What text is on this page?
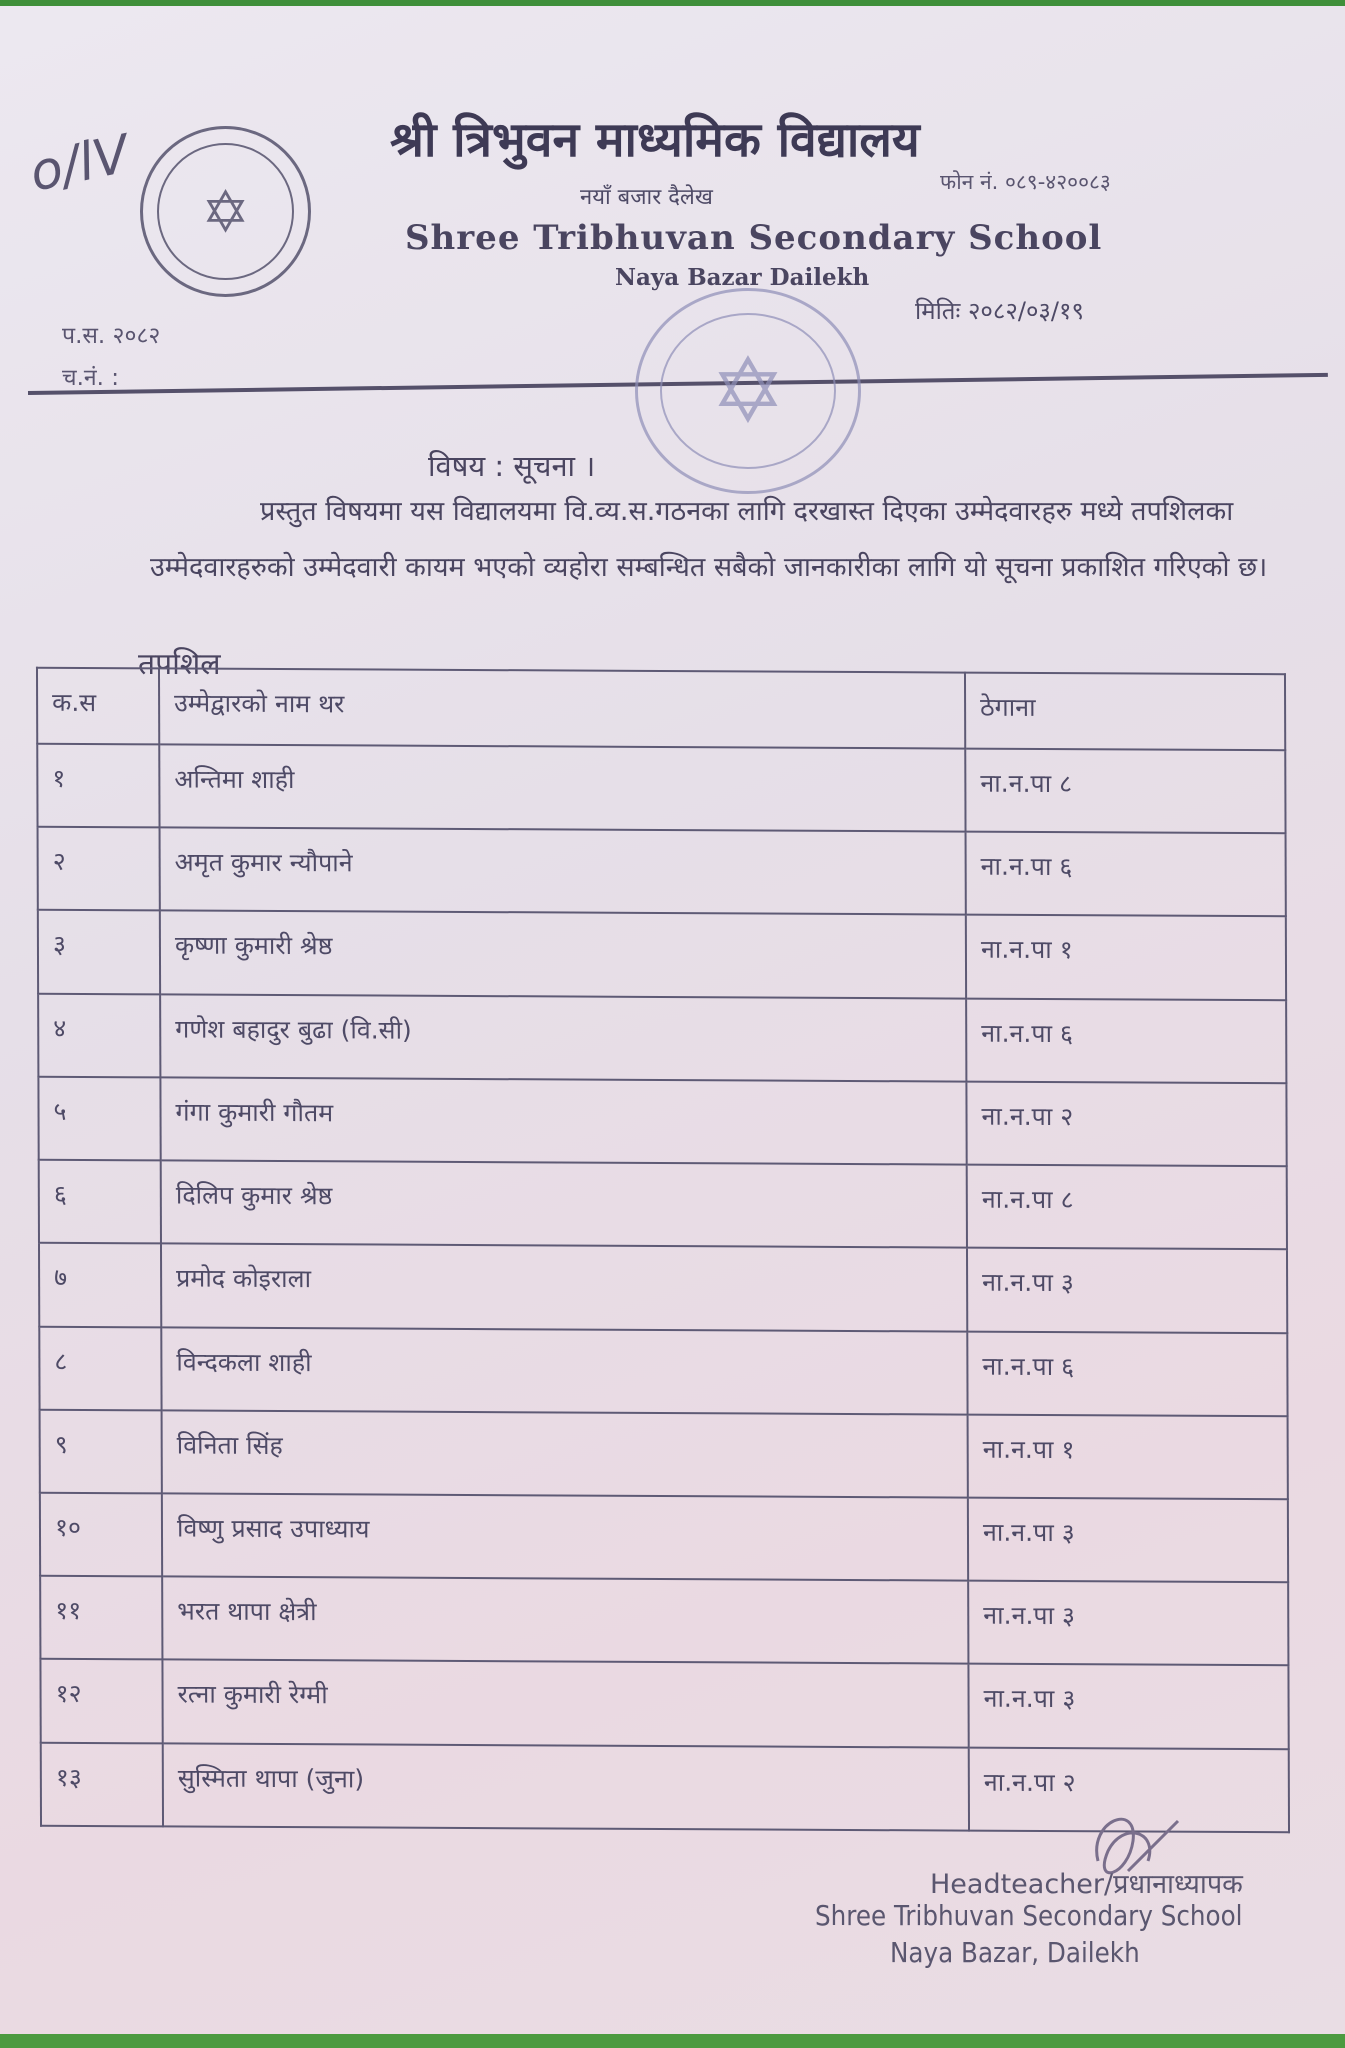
o/lV
✡
श्री त्रिभुवन माध्यमिक विद्यालय
नयाँ बजार दैलेख
फोन नं. ०८९-४२००८३
Shree Tribhuvan Secondary School
Naya Bazar Dailekh
मितिः २०८२/०३/१९
प.स. २०८२
च.नं. :	✡
विषय : सूचना ।
प्रस्तुत विषयमा यस विद्यालयमा वि.व्य.स.गठनका लागि दरखास्त दिएका उम्मेदवारहरु मध्ये तपशिलका उम्मेदवारहरुको उम्मेदवारी कायम भएको व्यहोरा सम्बन्धित सबैको जानकारीका लागि यो सूचना प्रकाशित गरिएको छ।
तपशिल
क.स	उम्मेद्वारको नाम थर	ठेगाना
१	अन्तिमा शाही	ना.न.पा ८
२	अमृत कुमार न्यौपाने	ना.न.पा ६
३	कृष्णा कुमारी श्रेष्ठ	ना.न.पा १
४	गणेश बहादुर बुढा (वि.सी)	ना.न.पा ६
५	गंगा कुमारी गौतम	ना.न.पा २
६	दिलिप कुमार श्रेष्ठ	ना.न.पा ८
७	प्रमोद कोइराला	ना.न.पा ३
८	विन्दकला शाही	ना.न.पा ६
९	विनिता सिंह	ना.न.पा १
१०	विष्णु प्रसाद उपाध्याय	ना.न.पा ३
११	भरत थापा क्षेत्री	ना.न.पा ३
१२	रत्ना कुमारी रेग्मी	ना.न.पा ३
१३	सुस्मिता थापा (जुना)	ना.न.पा २
Headteacher/प्रधानाध्यापक
Shree Tribhuvan Secondary School
Naya Bazar, Dailekh
